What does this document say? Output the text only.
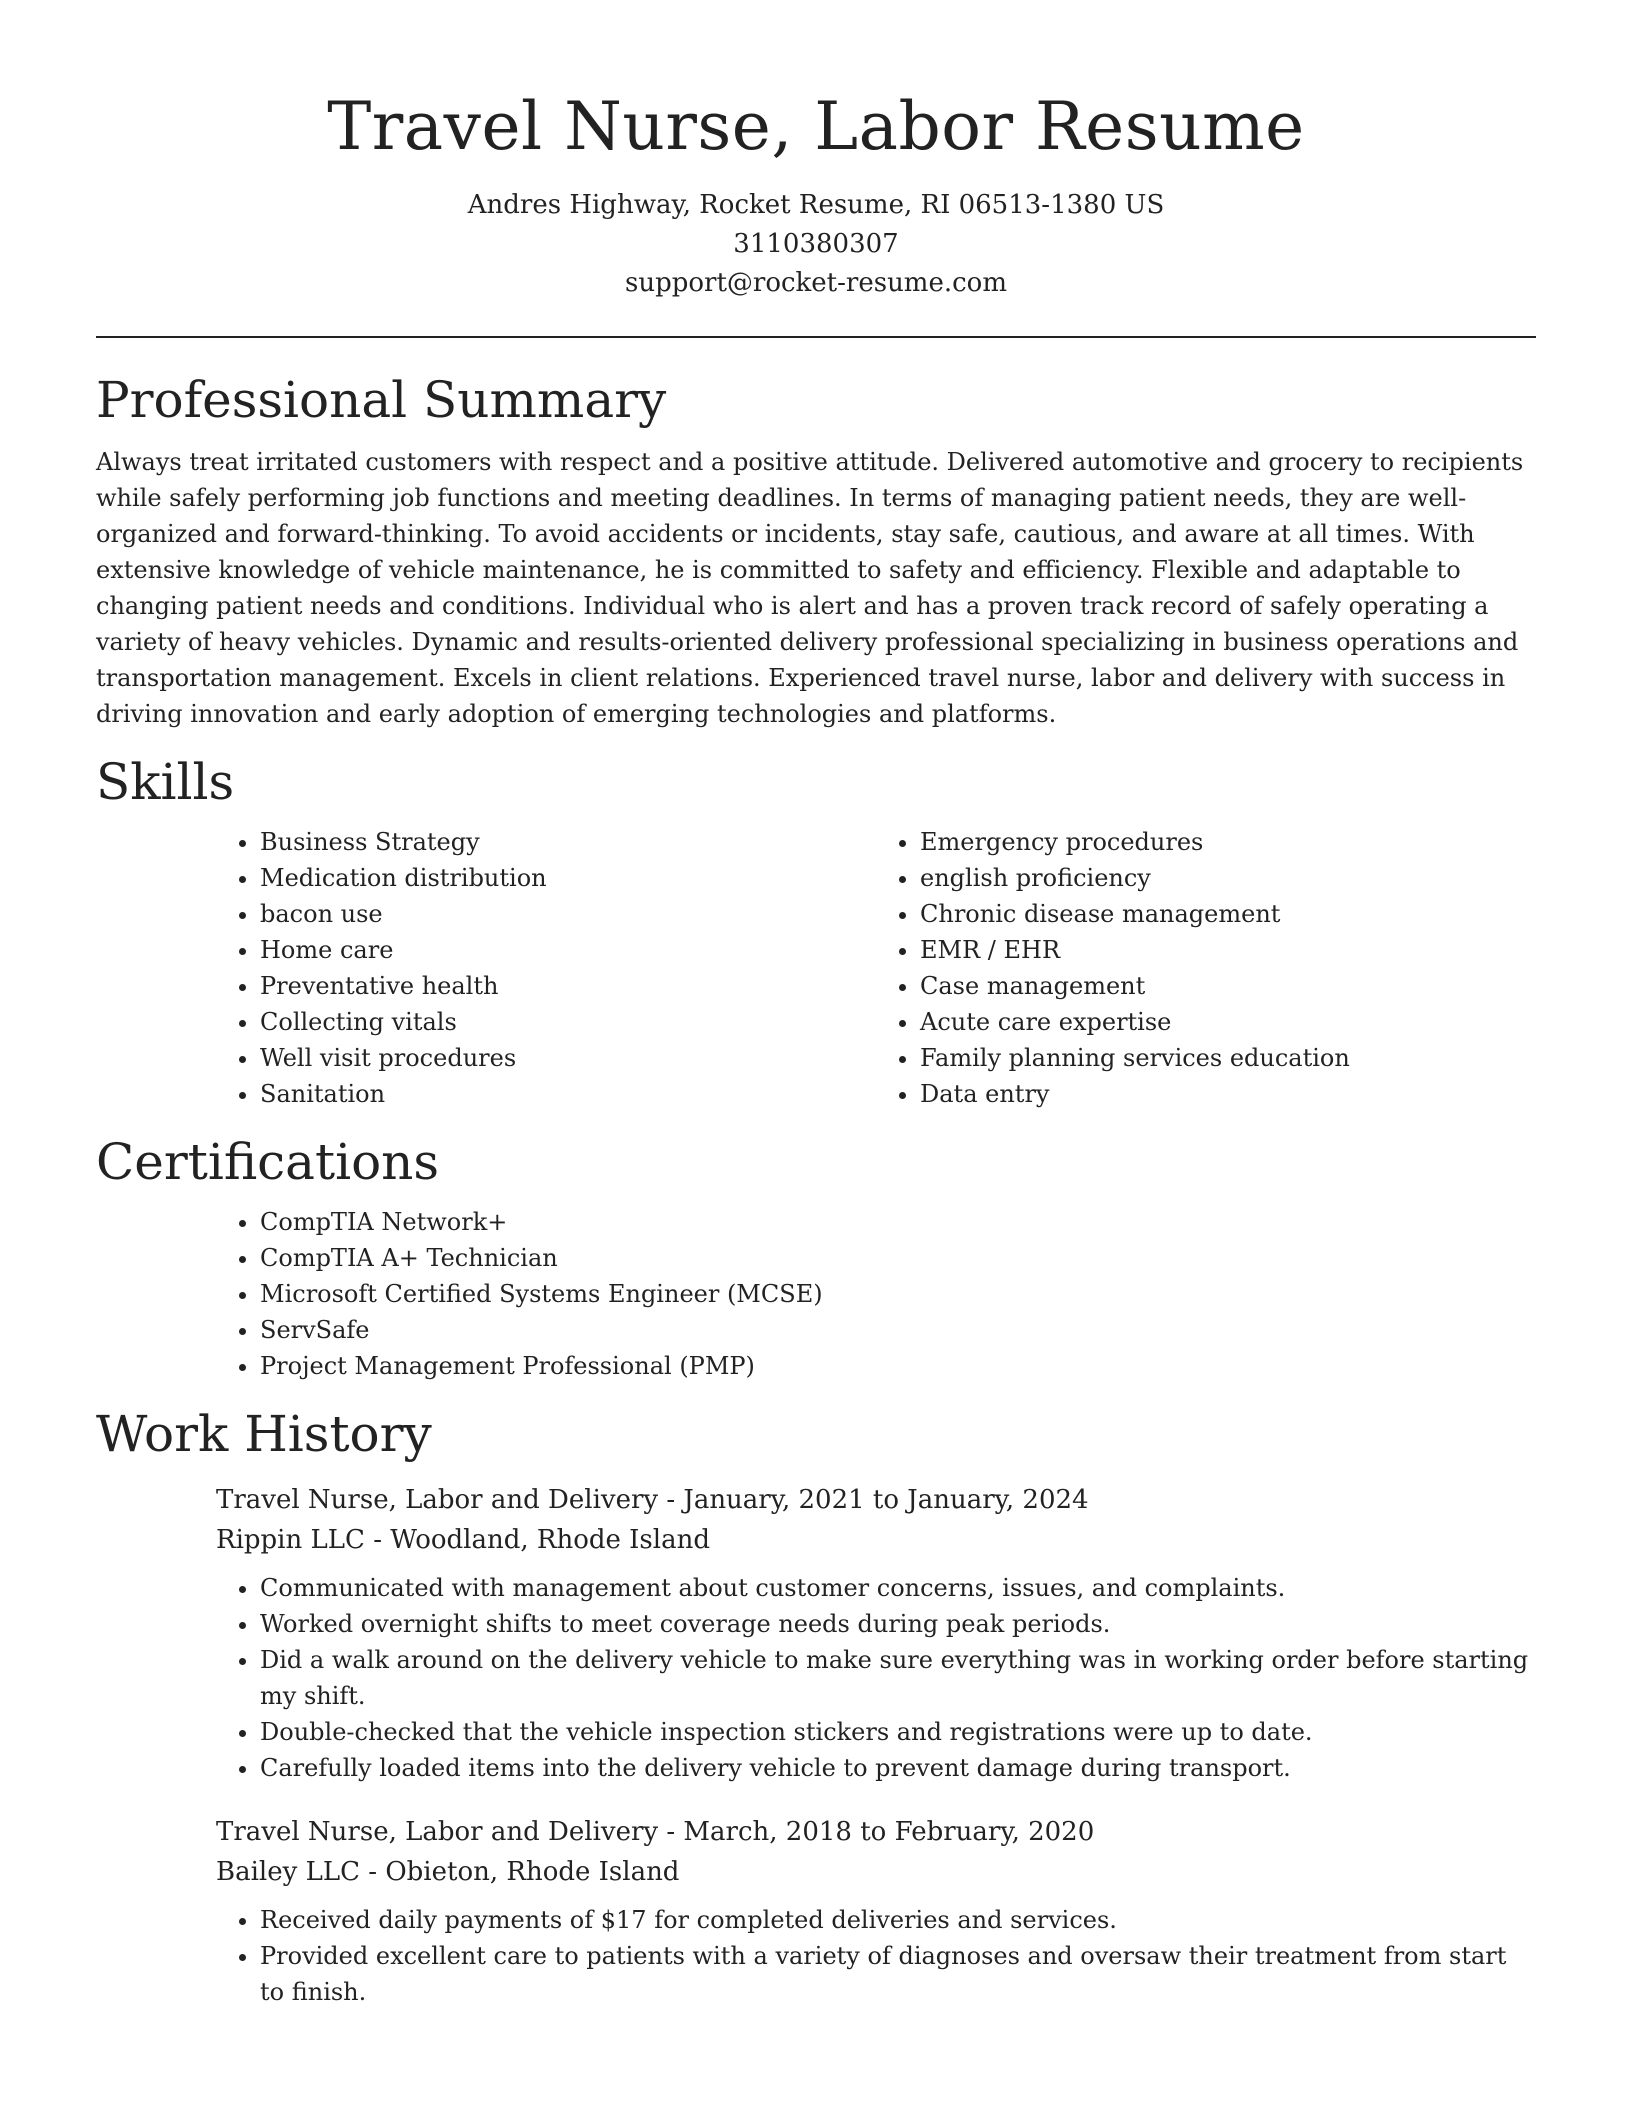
Travel Nurse, Labor Resume

Andres Highway, Rocket Resume, RI 06513-1380 US

3110380307

support@rocket-resume.com

Professional Summary

Always treat irritated customers with respect and a positive attitude. Delivered automotive and grocery to recipients while safely performing job functions and meeting deadlines. In terms of managing patient needs, they are well-organized and forward-thinking. To avoid accidents or incidents, stay safe, cautious, and aware at all times. With extensive knowledge of vehicle maintenance, he is committed to safety and efficiency. Flexible and adaptable to changing patient needs and conditions. Individual who is alert and has a proven track record of safely operating a variety of heavy vehicles. Dynamic and results-oriented delivery professional specializing in business operations and transportation management. Excels in client relations. Experienced travel nurse, labor and delivery with success in driving innovation and early adoption of emerging technologies and platforms.

Skills
• Business Strategy
• Medication distribution
• bacon use
• Home care
• Preventative health
• Collecting vitals
• Well visit procedures
• Sanitation
• Emergency procedures
• english proficiency
• Chronic disease management
• EMR / EHR
• Case management
• Acute care expertise
• Family planning services education
• Data entry
Certifications
• CompTIA Network+
• CompTIA A+ Technician
• Microsoft Certified Systems Engineer (MCSE)
• ServSafe
• Project Management Professional (PMP)
Work History

Travel Nurse, Labor and Delivery - January, 2021 to January, 2024

Rippin LLC - Woodland, Rhode Island

• Communicated with management about customer concerns, issues, and complaints.
• Worked overnight shifts to meet coverage needs during peak periods.
• Did a walk around on the delivery vehicle to make sure everything was in working order before starting my shift.
• Double-checked that the vehicle inspection stickers and registrations were up to date.
• Carefully loaded items into the delivery vehicle to prevent damage during transport.

Travel Nurse, Labor and Delivery - March, 2018 to February, 2020

Bailey LLC - Obieton, Rhode Island

• Received daily payments of $17 for completed deliveries and services.
• Provided excellent care to patients with a variety of diagnoses and oversaw their treatment from start to finish.
